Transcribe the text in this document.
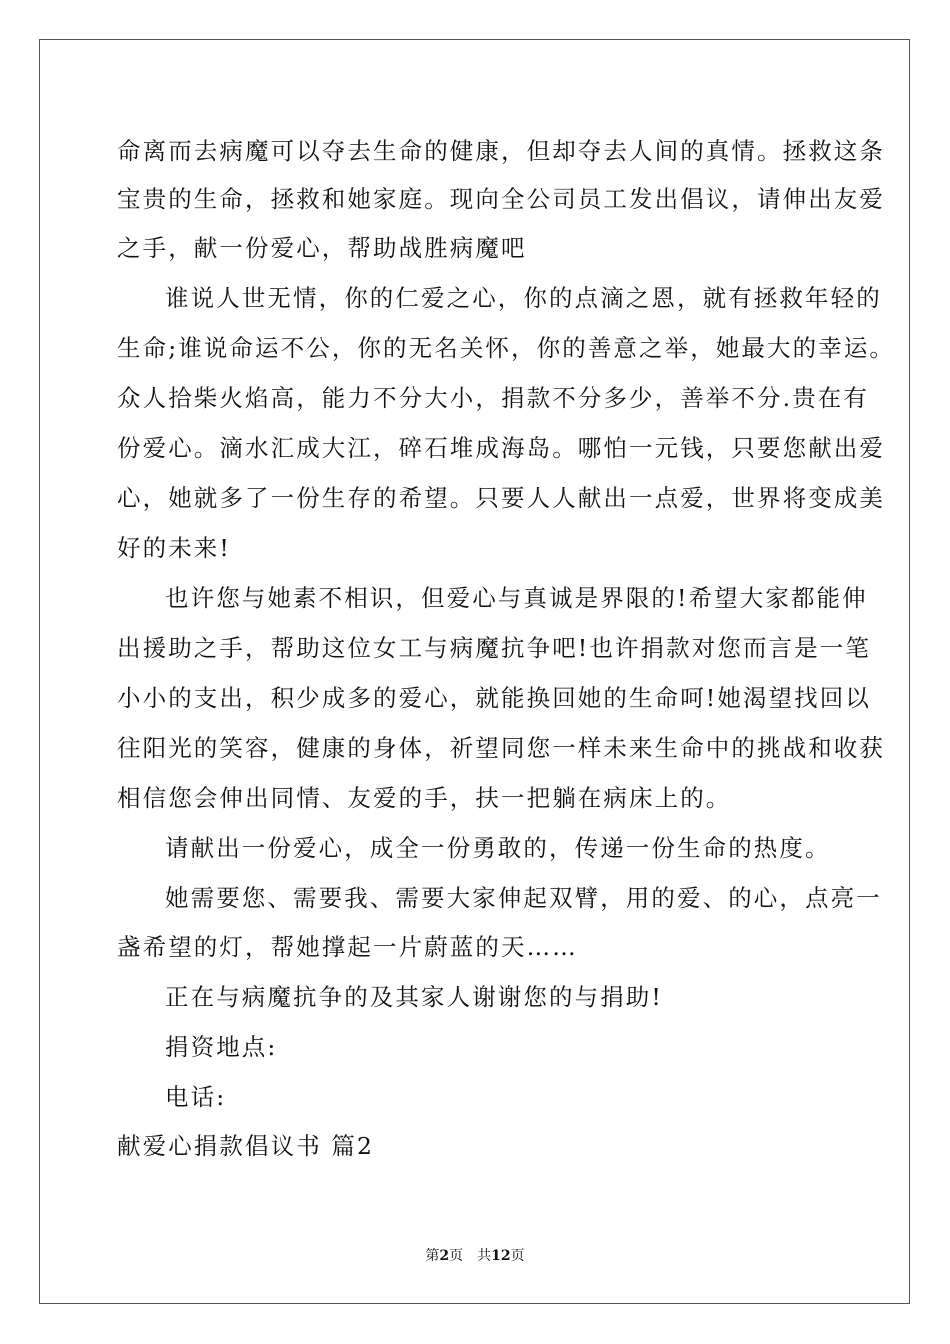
命离而去病魔可以夺去生命的健康，但却夺去人间的真情。拯救这条
宝贵的生命，拯救和她家庭。现向全公司员工发出倡议，请伸出友爱
之手，献一份爱心，帮助战胜病魔吧
谁说人世无情，你的仁爱之心，你的点滴之恩，就有拯救年轻的
生命;谁说命运不公，你的无名关怀，你的善意之举，她最大的幸运。
众人拾柴火焰高，能力不分大小，捐款不分多少，善举不分.贵在有
份爱心。滴水汇成大江，碎石堆成海岛。哪怕一元钱，只要您献出爱
心，她就多了一份生存的希望。只要人人献出一点爱，世界将变成美
好的未来!
也许您与她素不相识，但爱心与真诚是界限的!希望大家都能伸
出援助之手，帮助这位女工与病魔抗争吧!也许捐款对您而言是一笔
小小的支出，积少成多的爱心，就能换回她的生命呵!她渴望找回以
往阳光的笑容，健康的身体，祈望同您一样未来生命中的挑战和收获
相信您会伸出同情、友爱的手，扶一把躺在病床上的。
请献出一份爱心，成全一份勇敢的，传递一份生命的热度。
她需要您、需要我、需要大家伸起双臂，用的爱、的心，点亮一
盏希望的灯，帮她撑起一片蔚蓝的天……
正在与病魔抗争的及其家人谢谢您的与捐助!
捐资地点:
电话:
献爱心捐款倡议书 篇2
第2页 共12页
